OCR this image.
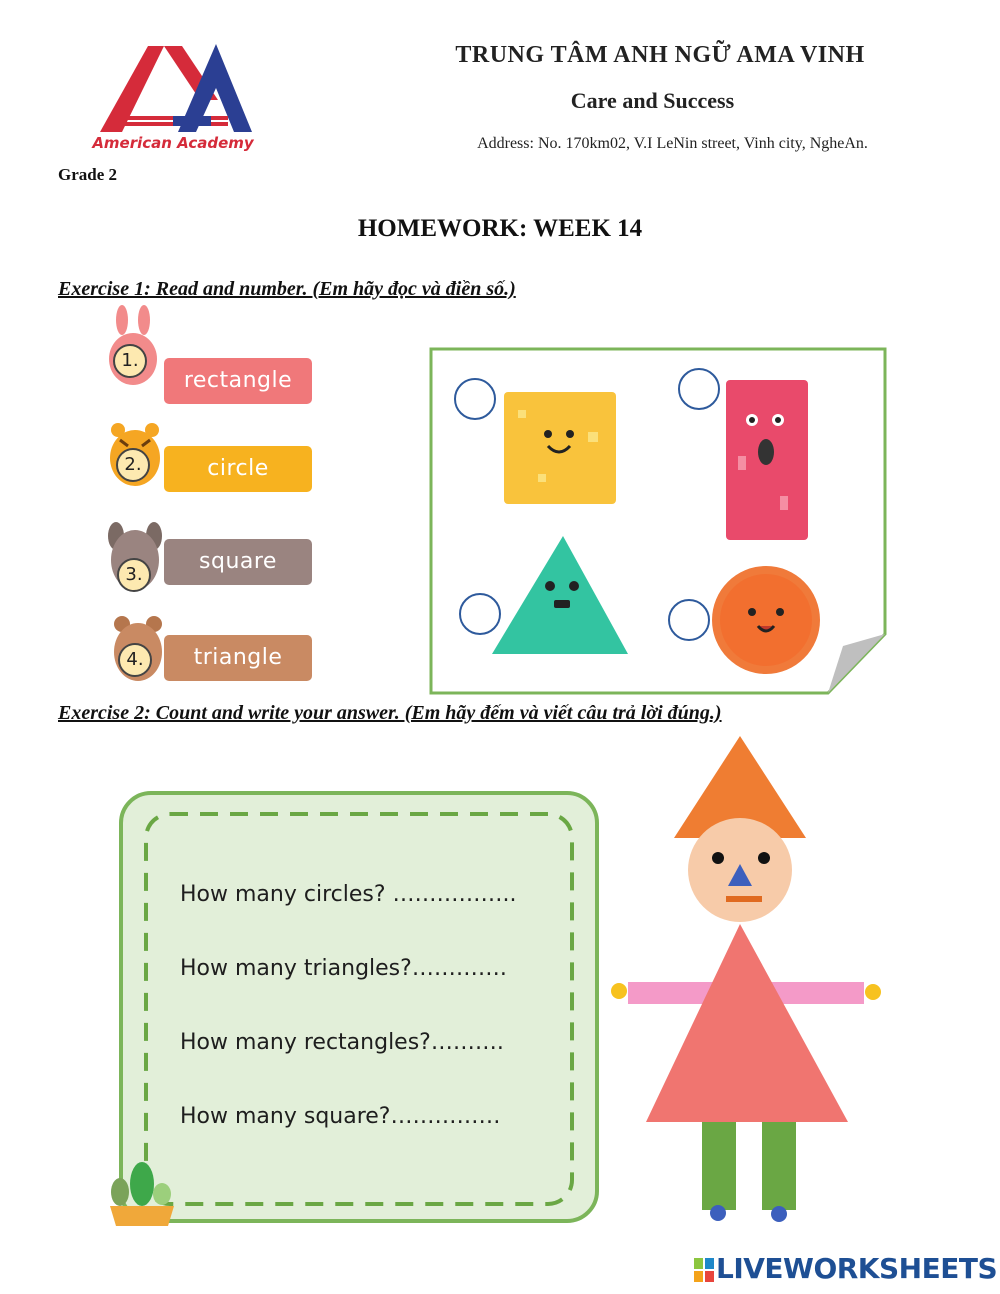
American Academy
TRUNG TÂM ANH NGỮ AMA VINH
Care and Success
Address: No. 170km02, V.I LeNin street, Vinh city, NgheAn.
Grade 2
HOMEWORK: WEEK 14
Exercise 1: Read and number. (Em hãy đọc và điền số.)
1.
2.
3.
4.
rectangle
circle
square
triangle
Exercise 2: Count and write your answer. (Em hãy đếm và viết câu trả lời đúng.)
How many circles? ……………..
How many triangles?………….
How many rectangles?……….
How many square?……………
LIVEWORKSHEETS
